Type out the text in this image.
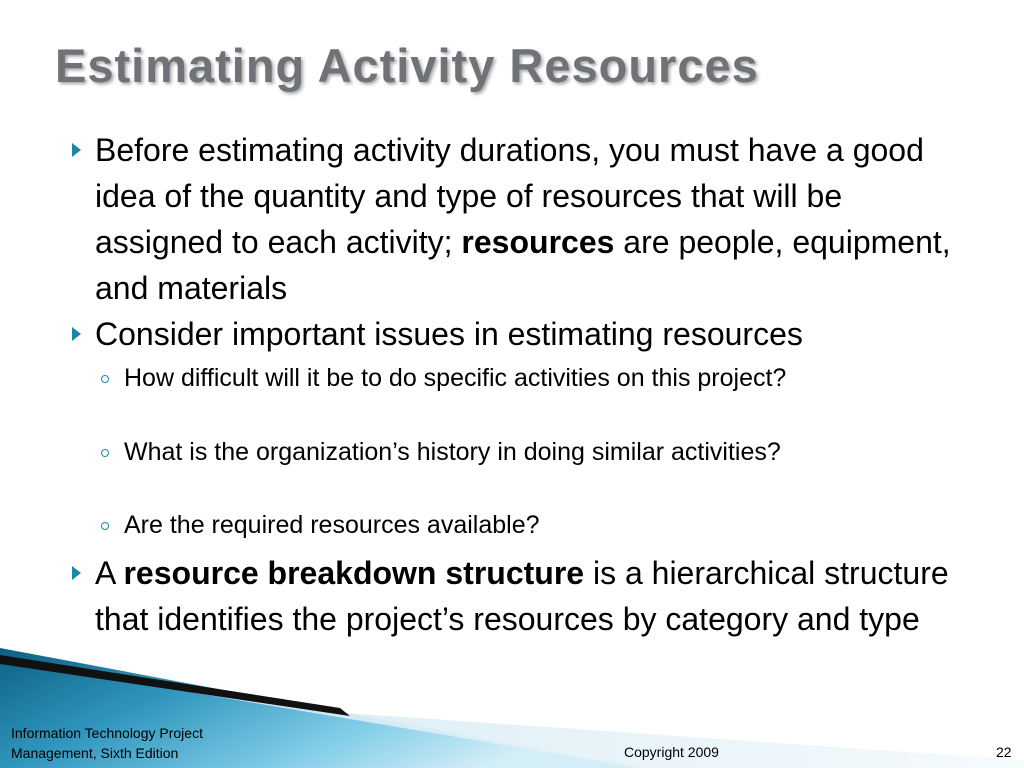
Estimating Activity Resources

Before estimating activity durations, you must have a good idea of the quantity and type of resources that will be assigned to each activity; resources are people, equipment, and materials

Consider important issues in estimating resources

How difficult will it be to do specific activities on this project?

What is the organization’s history in doing similar activities?

Are the required resources available?

A resource breakdown structure is a hierarchical structure that identifies the project’s resources by category and type

Information Technology Project
Management, Sixth Edition	Copyright 2009	22
